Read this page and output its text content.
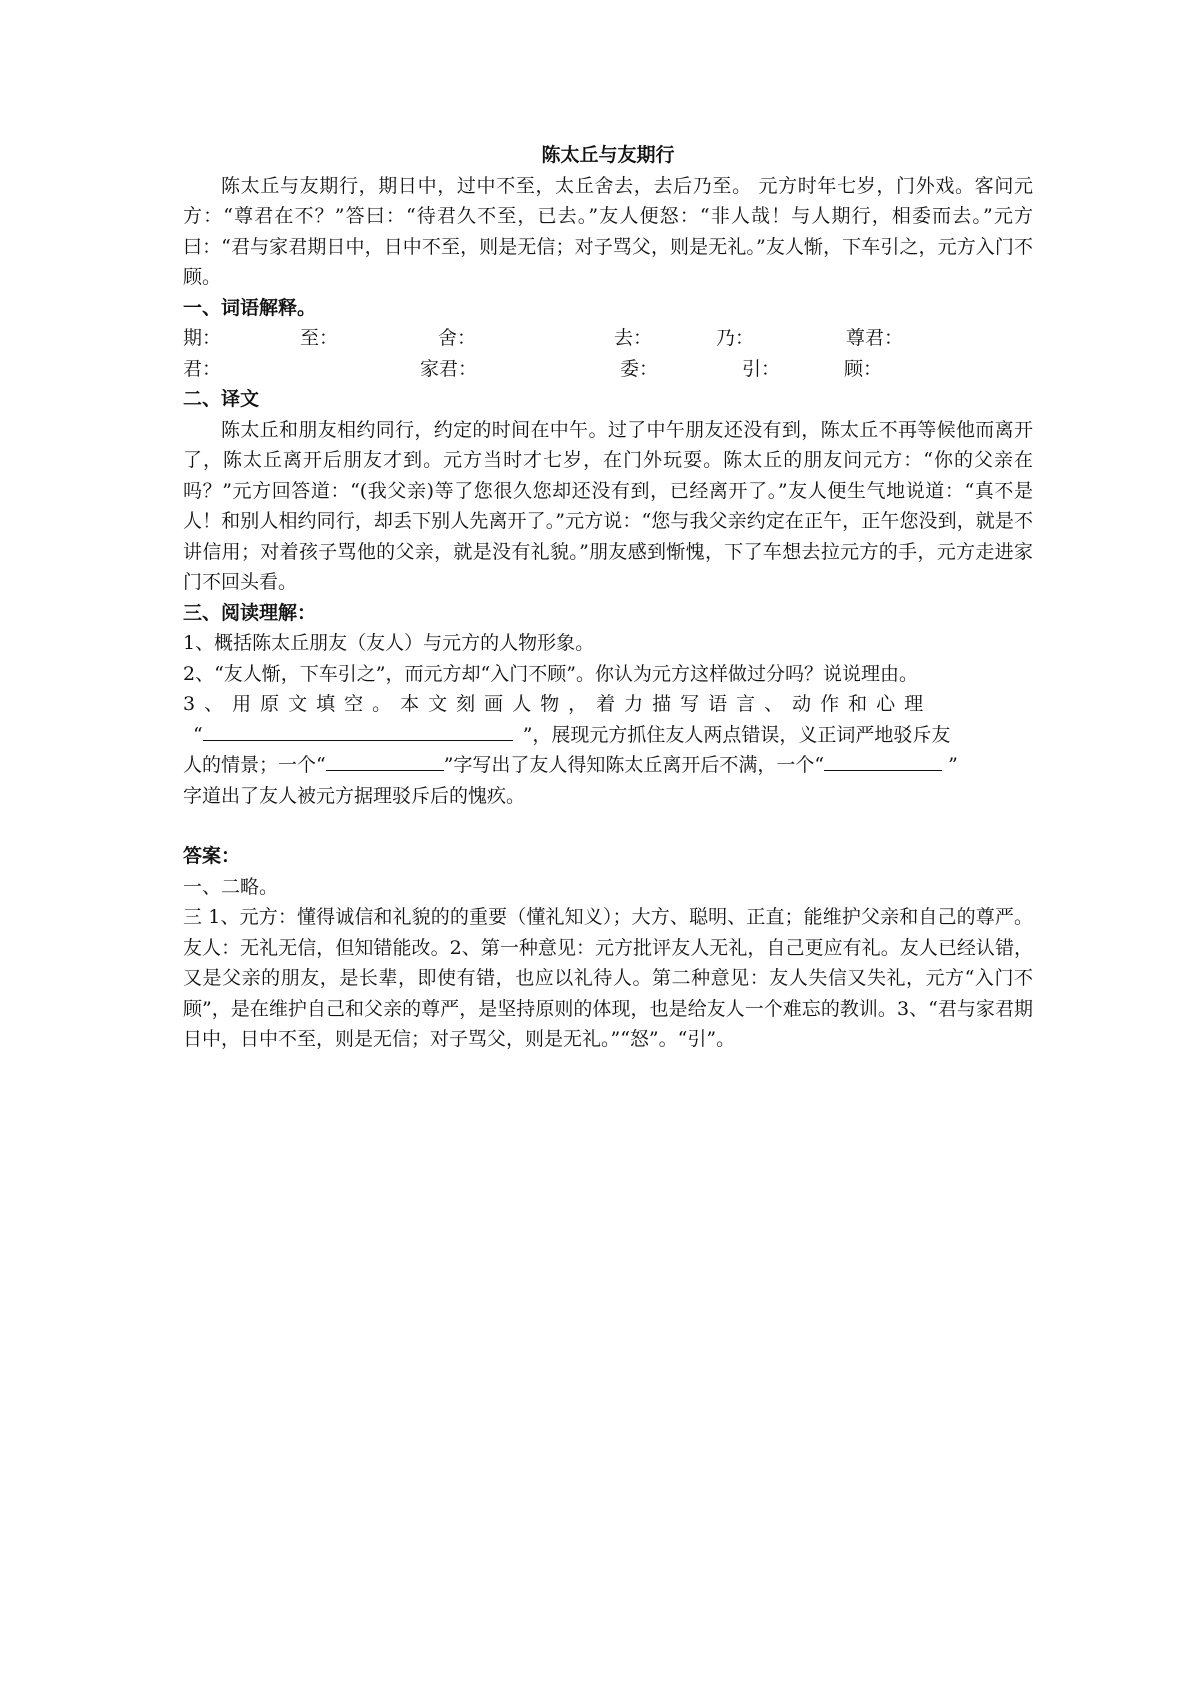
陈太丘与友期行

陈太丘与友期行，期日中，过中不至，太丘舍去，去后乃至。 元方时年七岁，门外戏。客问元方：“尊君在不？”答曰：“待君久不至，已去。”友人便怒：“非人哉！与人期行，相委而去。”元方曰：“君与家君期日中，日中不至，则是无信；对子骂父，则是无礼。”友人惭，下车引之，元方入门不顾。

一、词语解释。

期：	至：	舍：	去：	乃：	尊君：
君：	家君：	委：	引：	顾：

二、译文

陈太丘和朋友相约同行，约定的时间在中午。过了中午朋友还没有到，陈太丘不再等候他而离开了，陈太丘离开后朋友才到。元方当时才七岁，在门外玩耍。陈太丘的朋友问元方：“你的父亲在吗？”元方回答道：“(我父亲)等了您很久您却还没有到，已经离开了。”友人便生气地说道：“真不是人！和别人相约同行，却丢下别人先离开了。”元方说：“您与我父亲约定在正午，正午您没到，就是不讲信用；对着孩子骂他的父亲，就是没有礼貌。”朋友感到惭愧，下了车想去拉元方的手，元方走进家门不回头看。

三、阅读理解：

1、概括陈太丘朋友（友人）与元方的人物形象。

2、“友人惭，下车引之”，而元方却“入门不顾”。你认为元方这样做过分吗？说说理由。

3、用原文填空。本文刻画人物，着力描写语言、动作和心理

“	”，展现元方抓住友人两点错误，义正词严地驳斥友

人的情景；一个“	”字写出了友人得知陈太丘离开后不满，一个“	”

字道出了友人被元方据理驳斥后的愧疚。

答案：

一、二略。

三 1、元方：懂得诚信和礼貌的的重要（懂礼知义）；大方、聪明、正直；能维护父亲和自己的尊严。友人：无礼无信，但知错能改。2、第一种意见：元方批评友人无礼，自己更应有礼。友人已经认错，又是父亲的朋友，是长辈，即使有错，也应以礼待人。第二种意见：友人失信又失礼，元方“入门不顾”，是在维护自己和父亲的尊严，是坚持原则的体现，也是给友人一个难忘的教训。3、“君与家君期日中，日中不至，则是无信；对子骂父，则是无礼。”“怒”。“引”。
